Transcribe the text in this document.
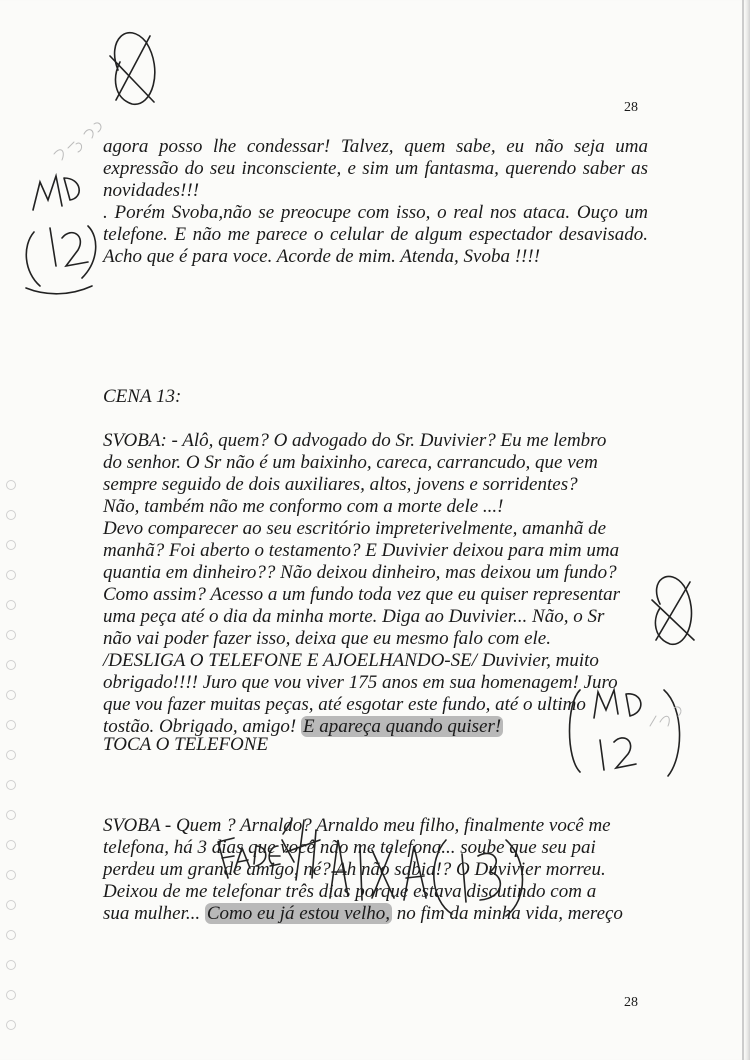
28

agora posso lhe condessar! Talvez, quem sabe, eu não seja uma expressão do seu inconsciente, e sim um fantasma, querendo saber as novidades!!!

. Porém Svoba,não se preocupe com isso, o real nos ataca. Ouço um telefone. E não me parece o celular de algum espectador desavisado. Acho que é para voce. Acorde de mim. Atenda, Svoba !!!!

CENA 13:

SVOBA: - Alô, quem? O advogado do Sr. Duvivier? Eu me lembro

do senhor. O Sr não é um baixinho, careca, carrancudo, que vem

sempre seguido de dois auxiliares, altos, jovens e sorridentes?

Não, também não me conformo com a morte dele ...!

Devo comparecer ao seu escritório impreterivelmente, amanhã de

manhã? Foi aberto o testamento? E Duvivier deixou para mim uma

quantia em dinheiro?? Não deixou dinheiro, mas deixou um fundo?

Como assim? Acesso a um fundo toda vez que eu quiser representar

uma peça até o dia da minha morte. Diga ao Duvivier... Não, o Sr

não vai poder fazer isso, deixa que eu mesmo falo com ele.

/DESLIGA O TELEFONE E AJOELHANDO-SE/ Duvivier, muito

obrigado!!!! Juro que vou viver 175 anos em sua homenagem! Juro

que vou fazer muitas peças, até esgotar este fundo, até o ultimo

tostão. Obrigado, amigo! E apareça quando quiser!

TOCA O TELEFONE

SVOBA - Quem ? Arnaldo? Arnaldo meu filho, finalmente você me

telefona, há 3 dias que você não me telefona... soube que seu pai

perdeu um grande amigo, né? Ah não sabia!? O Duvivier morreu.

Deixou de me telefonar três dias porque estava discutindo com a

sua mulher... Como eu já estou velho, no fim da minha vida, mereço

28
